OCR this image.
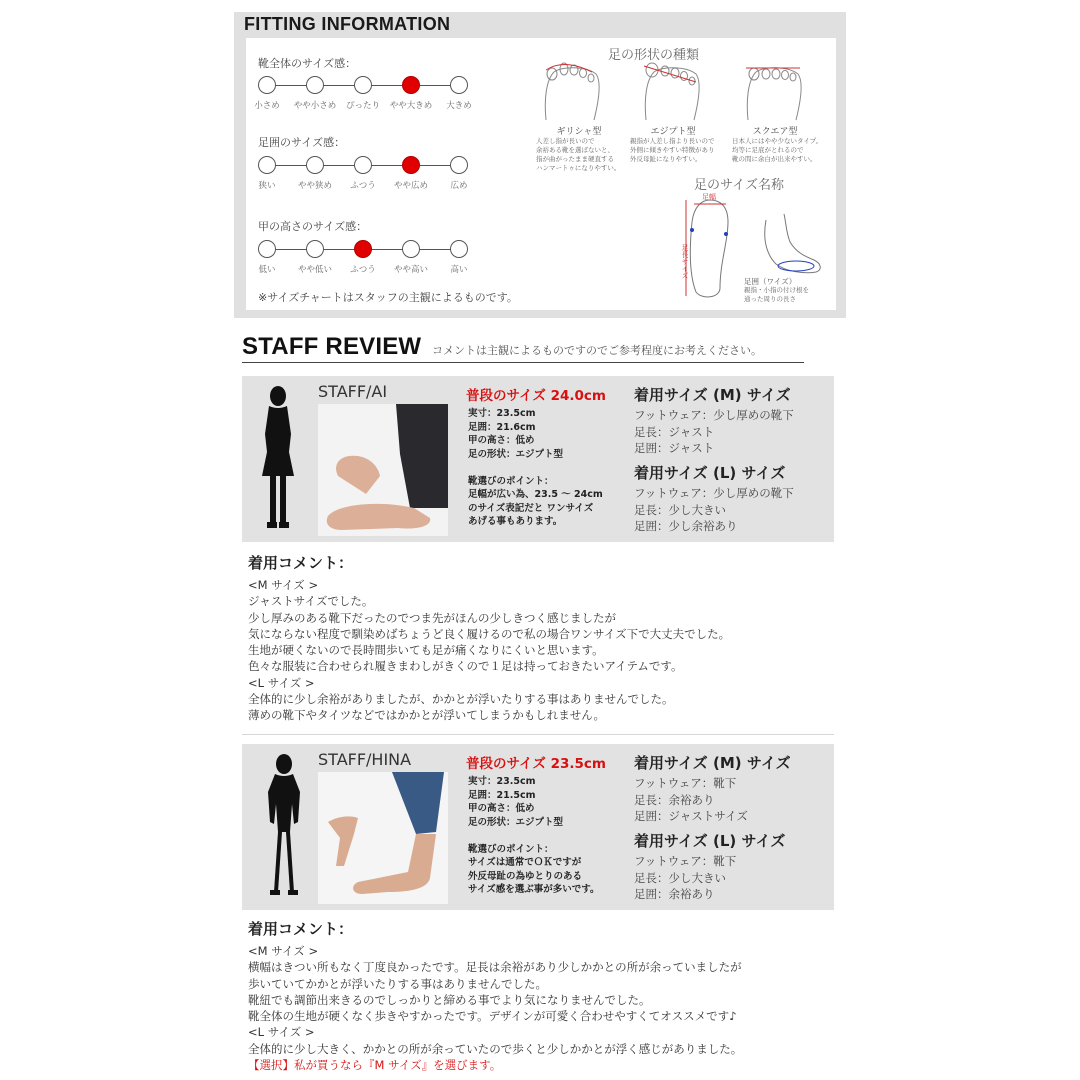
FITTING INFORMATION
靴全体のサイズ感：
小さめ	やや小さめ	ぴったり	やや大きめ	大きめ
足囲のサイズ感：
狭い	やや狭め	ふつう	やや広め	広め
甲の高さのサイズ感：
低い	やや低い	ふつう	やや高い	高い
※サイズチャートはスタッフの主観によるものです。
足の形状の種類
ギリシャ型	エジプト型	スクエア型
人差し指が長いので
余裕ある靴を選ばないと、
指が曲がったまま硬直する
ハンマートゥになりやすい。
親指が人差し指より長いので
外側に傾きやすい特徴があり
外反母趾になりやすい。
日本人にはやや少ないタイプ。
均等に足底がとれるので
靴の間に余白が出来やすい。
足のサイズ名称
足幅
足長サイズ
足囲（ワイズ）
親指・小指の付け根を
通った周りの長さ
STAFF REVIEW コメントは主観によるものですのでご参考程度にお考えください。
STAFF/AI	普段のサイズ 24.0cm
実寸：23.5cm
足囲：21.6cm
甲の高さ：低め
足の形状：エジプト型
靴選びのポイント：
足幅が広い為、23.5 ～ 24cm
のサイズ表記だと ワンサイズ
あげる事もあります。
着用サイズ (M) サイズ
フットウェア：少し厚めの靴下
足長：ジャスト
足囲：ジャスト
着用サイズ (L) サイズ
フットウェア：少し厚めの靴下
足長：少し大きい
足囲：少し余裕あり
着用コメント：
<M サイズ >
ジャストサイズでした。
少し厚みのある靴下だったのでつま先がほんの少しきつく感じましたが
気にならない程度で馴染めばちょうど良く履けるので私の場合ワンサイズ下で大丈夫でした。
生地が硬くないので長時間歩いても足が痛くなりにくいと思います。
色々な服装に合わせられ履きまわしがきくので１足は持っておきたいアイテムです。
<L サイズ >
全体的に少し余裕がありましたが、かかとが浮いたりする事はありませんでした。
薄めの靴下やタイツなどではかかとが浮いてしまうかもしれません。
STAFF/HINA	普段のサイズ 23.5cm
実寸：23.5cm
足囲：21.5cm
甲の高さ：低め
足の形状：エジプト型
靴選びのポイント：
サイズは通常でＯＫですが
外反母趾の為ゆとりのある
サイズ感を選ぶ事が多いです。
着用サイズ (M) サイズ
フットウェア：靴下
足長：余裕あり
足囲：ジャストサイズ
着用サイズ (L) サイズ
フットウェア：靴下
足長：少し大きい
足囲：余裕あり
着用コメント：
<M サイズ >
横幅はきつい所もなく丁度良かったです。足長は余裕があり少しかかとの所が余っていましたが
歩いていてかかとが浮いたりする事はありませんでした。
靴紐でも調節出来きるのでしっかりと締める事でより気になりませんでした。
靴全体の生地が硬くなく歩きやすかったです。デザインが可愛く合わせやすくてオススメです♪
<L サイズ >
全体的に少し大きく、かかとの所が余っていたので歩くと少しかかとが浮く感じがありました。
【選択】私が買うなら『M サイズ』を選びます。
